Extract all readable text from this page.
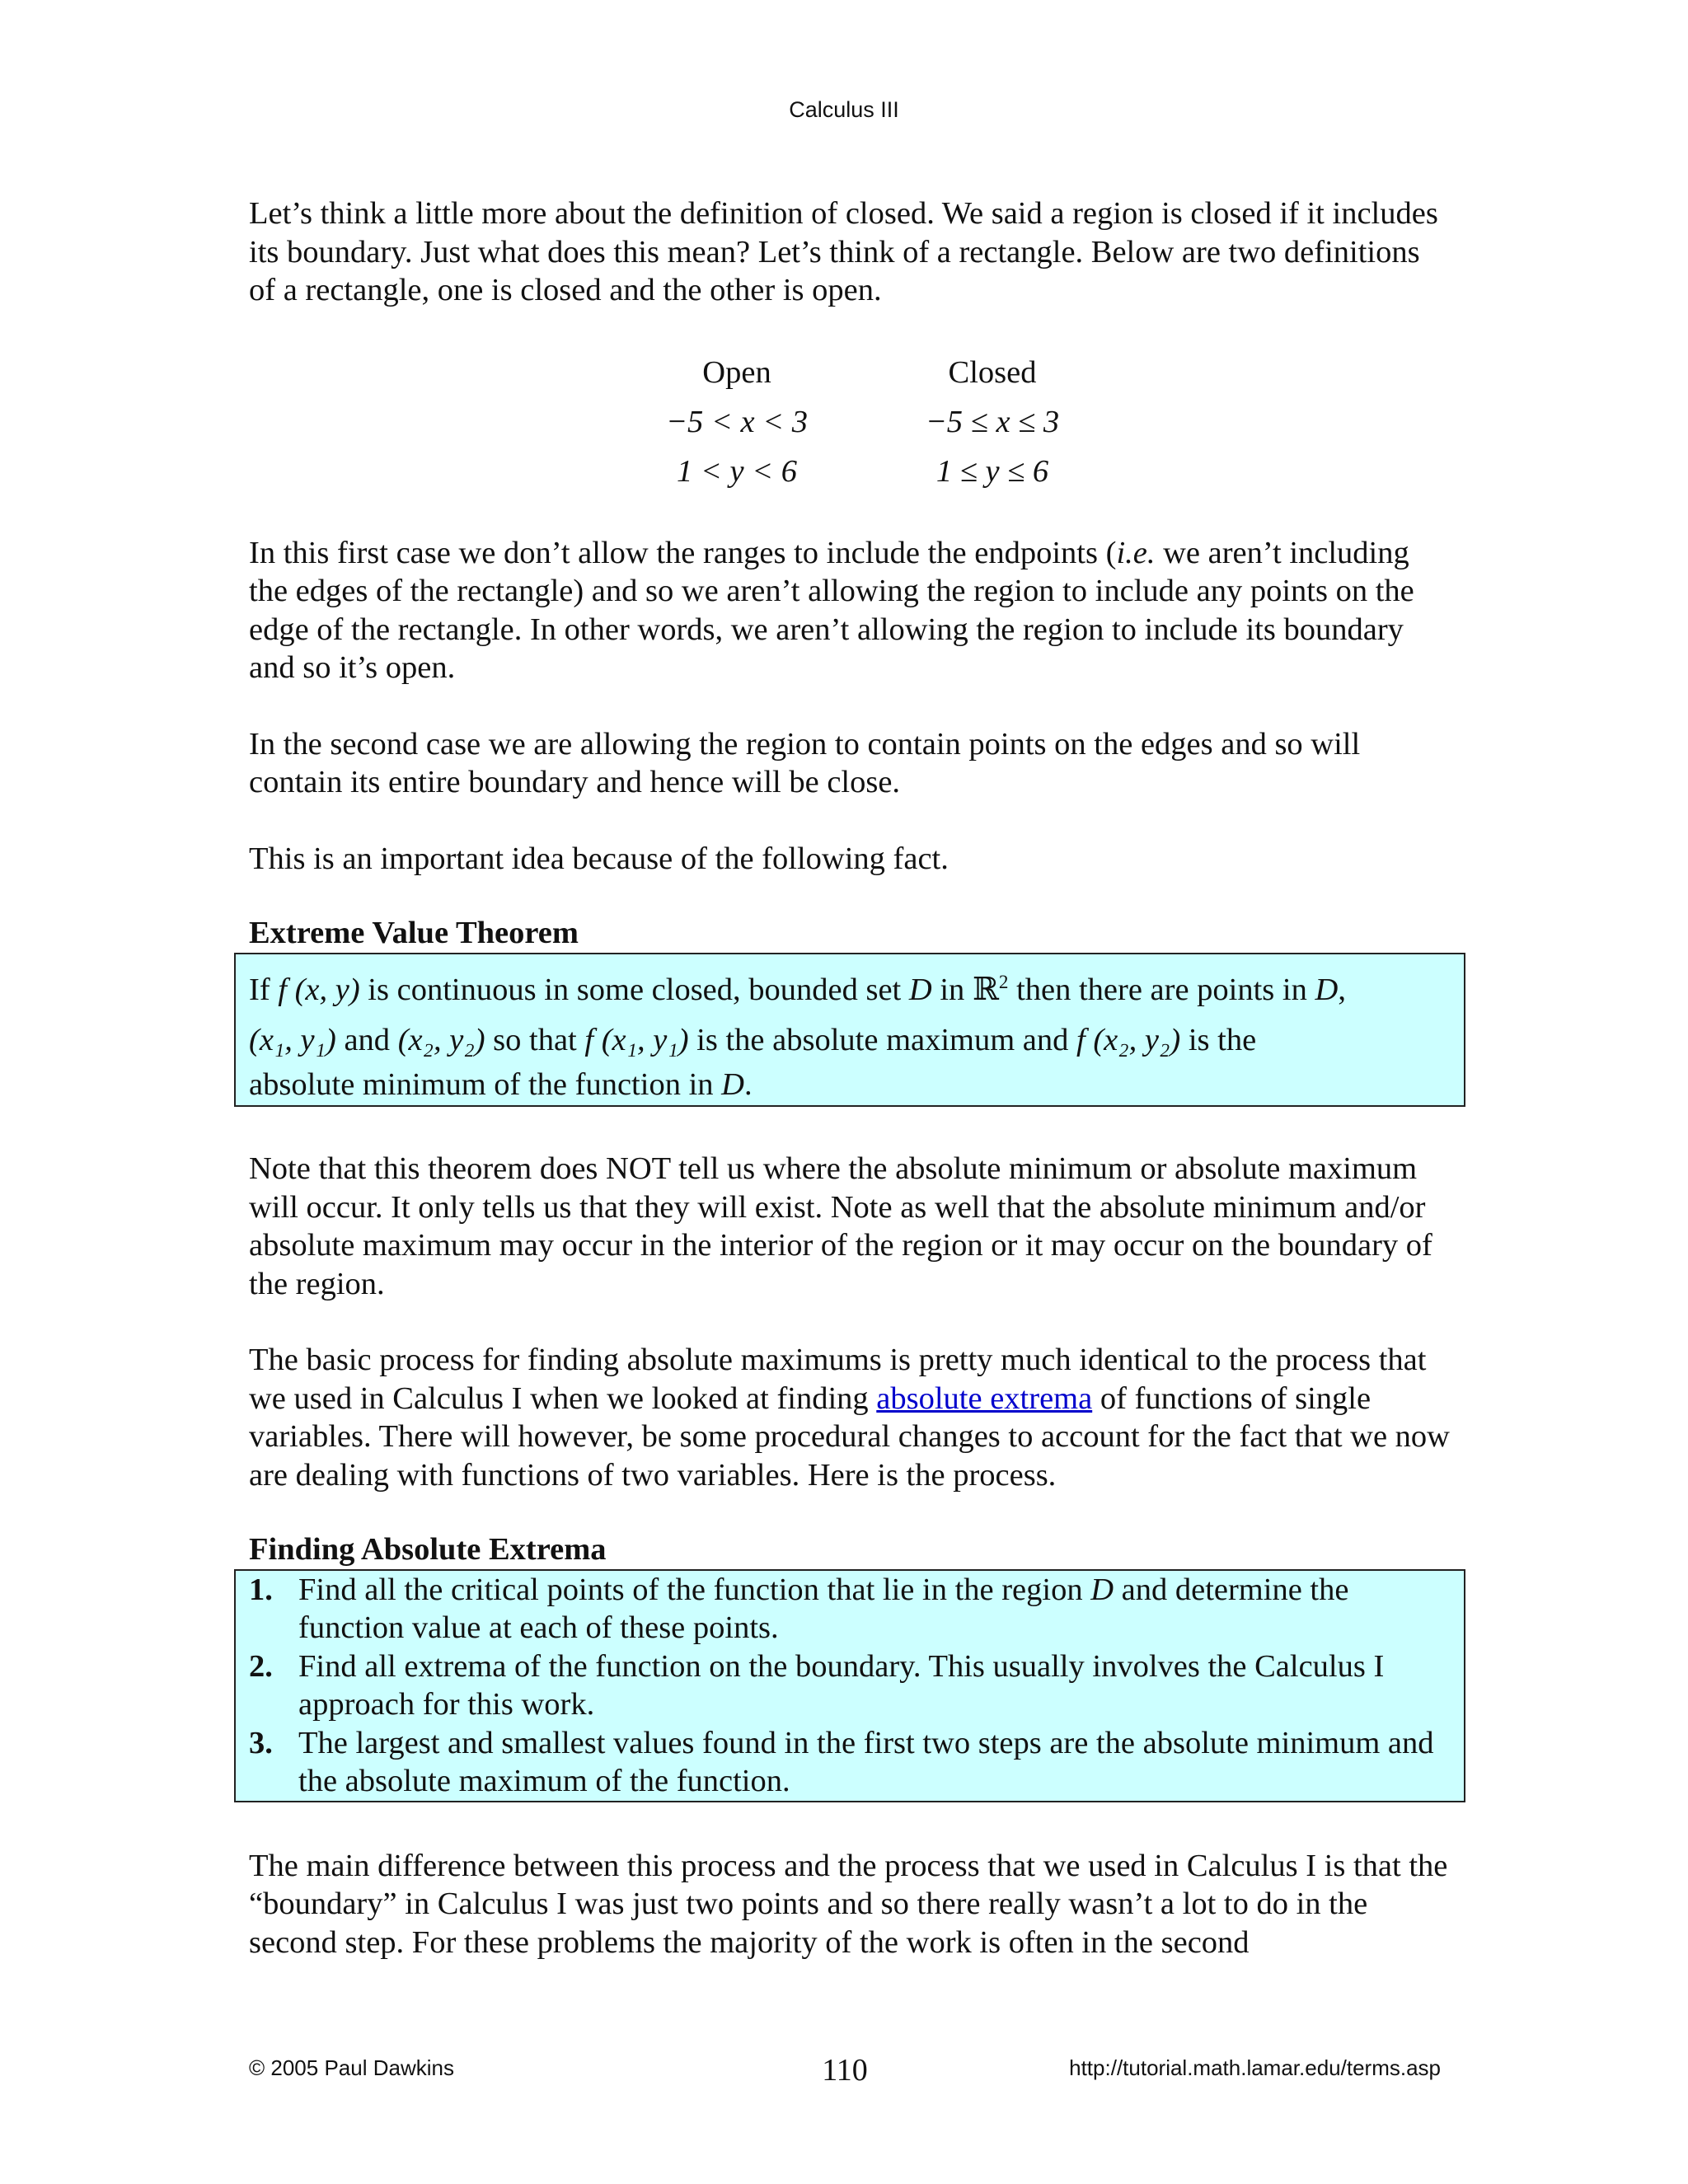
Calculus III

Let’s think a little more about the definition of closed. We said a region is closed if it includes its boundary. Just what does this mean? Let’s think of a rectangle. Below are two definitions of a rectangle, one is closed and the other is open.

Open	Closed
−5 < x < 3	−5 ≤ x ≤ 3
1 < y < 6	1 ≤ y ≤ 6

In this first case we don’t allow the ranges to include the endpoints (i.e. we aren’t including the edges of the rectangle) and so we aren’t allowing the region to include any points on the edge of the rectangle. In other words, we aren’t allowing the region to include its boundary and so it’s open.

In the second case we are allowing the region to contain points on the edges and so will contain its entire boundary and hence will be close.

This is an important idea because of the following fact.

Extreme Value Theorem

If f (x, y) is continuous in some closed, bounded set D in ℝ$^2$ then there are points in D,
(x₁, y₁) and (x₂, y₂) so that f (x₁, y₁) is the absolute maximum and f (x₂, y₂) is the
absolute minimum of the function in D.

Note that this theorem does NOT tell us where the absolute minimum or absolute maximum will occur. It only tells us that they will exist. Note as well that the absolute minimum and/or absolute maximum may occur in the interior of the region or it may occur on the boundary of the region.

The basic process for finding absolute maximums is pretty much identical to the process that we used in Calculus I when we looked at finding absolute extrema of functions of single variables. There will however, be some procedural changes to account for the fact that we now are dealing with functions of two variables. Here is the process.

Finding Absolute Extrema

1. Find all the critical points of the function that lie in the region D and determine the function value at each of these points.
2. Find all extrema of the function on the boundary. This usually involves the Calculus I approach for this work.
3. The largest and smallest values found in the first two steps are the absolute minimum and the absolute maximum of the function.

The main difference between this process and the process that we used in Calculus I is that the “boundary” in Calculus I was just two points and so there really wasn’t a lot to do in the second step. For these problems the majority of the work is often in the second

© 2005 Paul Dawkins	110	http://tutorial.math.lamar.edu/terms.asp
